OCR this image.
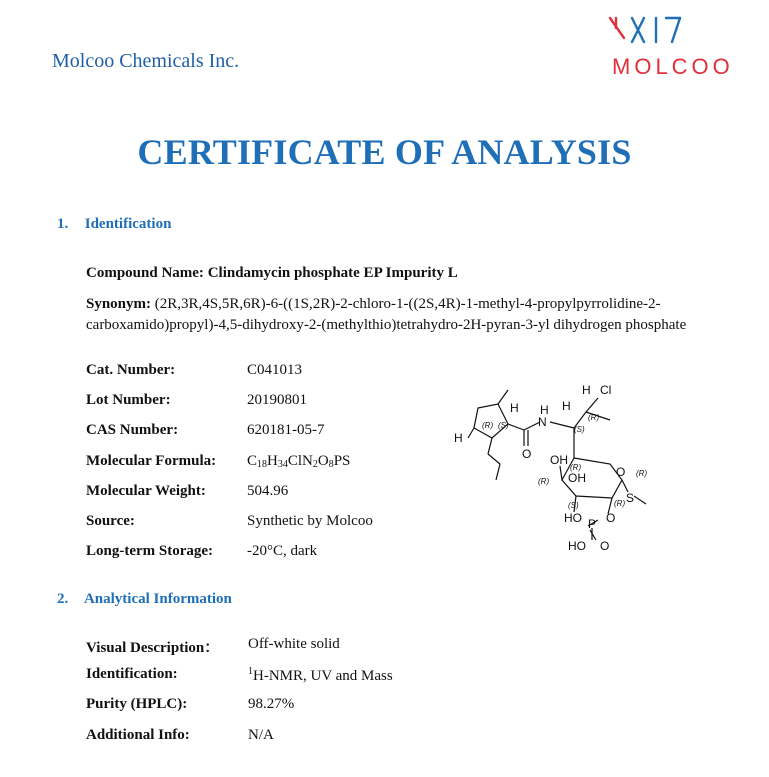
Molcoo Chemicals Inc.	MOLCOO
CERTIFICATE OF ANALYSIS
1. Identification
Compound Name: Clindamycin phosphate EP Impurity L
Synonym: (2R,3R,4S,5R,6R)-6-((1S,2R)-2-chloro-1-((2S,4R)-1-methyl-4-propylpyrrolidine-2-carboxamido)propyl)-4,5-dihydroxy-2-(methylthio)tetrahydro-2H-pyran-3-yl dihydrogen phosphate
Cat. Number:	C041013
Lot Number:	20190801
CAS Number:	620181-05-7
Molecular Formula:	$C_{18}H_{34}ClN_2O_8PS$
Molecular Weight:	504.96
Source:	Synthetic by Molcoo
Long-term Storage:	-20°C, dark
H Cl
H H H
H
N
O OH
OH	O
S
O
P
O
HO
HO
(R) (S)	(S)
(R)
(R)
(R)
(R)
(S)	(R)
2. Analytical Information
Visual Description：	Off-white solid
Identification:	$^1$H-NMR, UV and Mass
Purity (HPLC):	98.27%
Additional Info:	N/A
